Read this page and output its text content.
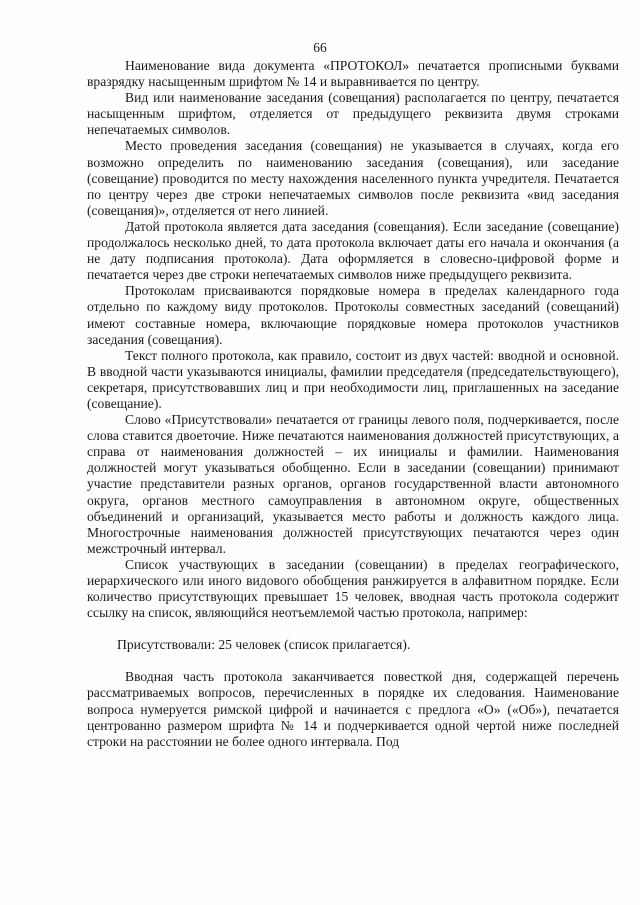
66

Наименование вида документа «ПРОТОКОЛ» печатается прописными буквами вразрядку насыщенным шрифтом № 14 и выравнивается по центру.

Вид или наименование заседания (совещания) располагается по центру, печатается насыщенным шрифтом, отделяется от предыдущего реквизита двумя строками непечатаемых символов.

Место проведения заседания (совещания) не указывается в случаях, когда его возможно определить по наименованию заседания (совещания), или заседание (совещание) проводится по месту нахождения населенного пункта учредителя. Печатается по центру через две строки непечатаемых символов после реквизита «вид заседания (совещания)», отделяется от него линией.

Датой протокола является дата заседания (совещания). Если заседание (совещание) продолжалось несколько дней, то дата протокола включает даты его начала и окончания (а не дату подписания протокола). Дата оформляется в словесно-цифровой форме и печатается через две строки непечатаемых символов ниже предыдущего реквизита.

Протоколам присваиваются порядковые номера в пределах календарного года отдельно по каждому виду протоколов. Протоколы совместных заседаний (совещаний) имеют составные номера, включающие порядковые номера протоколов участников заседания (совещания).

Текст полного протокола, как правило, состоит из двух частей: вводной и основной. В вводной части указываются инициалы, фамилии председателя (председательствующего), секретаря, присутствовавших лиц и при необходимости лиц, приглашенных на заседание (совещание).

Слово «Присутствовали» печатается от границы левого поля, подчеркивается, после слова ставится двоеточие. Ниже печатаются наименования должностей присутствующих, а справа от наименования должностей – их инициалы и фамилии. Наименования должностей могут указываться обобщенно. Если в заседании (совещании) принимают участие представители разных органов, органов государственной власти автономного округа, органов местного самоуправления в автономном округе, общественных объединений и организаций, указывается место работы и должность каждого лица. Многострочные наименования должностей присутствующих печатаются через один межстрочный интервал.

Список участвующих в заседании (совещании) в пределах географического, иерархического или иного видового обобщения ранжируется в алфавитном порядке. Если количество присутствующих превышает 15 человек, вводная часть протокола содержит ссылку на список, являющийся неотъемлемой частью протокола, например:

Присутствовали: 25 человек (список прилагается).

Вводная часть протокола заканчивается повесткой дня, содержащей перечень рассматриваемых вопросов, перечисленных в порядке их следования. Наименование вопроса нумеруется римской цифрой и начинается с предлога «О» («Об»), печатается центрованно размером шрифта № 14 и подчеркивается одной чертой ниже последней строки на расстоянии не более одного интервала. Под
